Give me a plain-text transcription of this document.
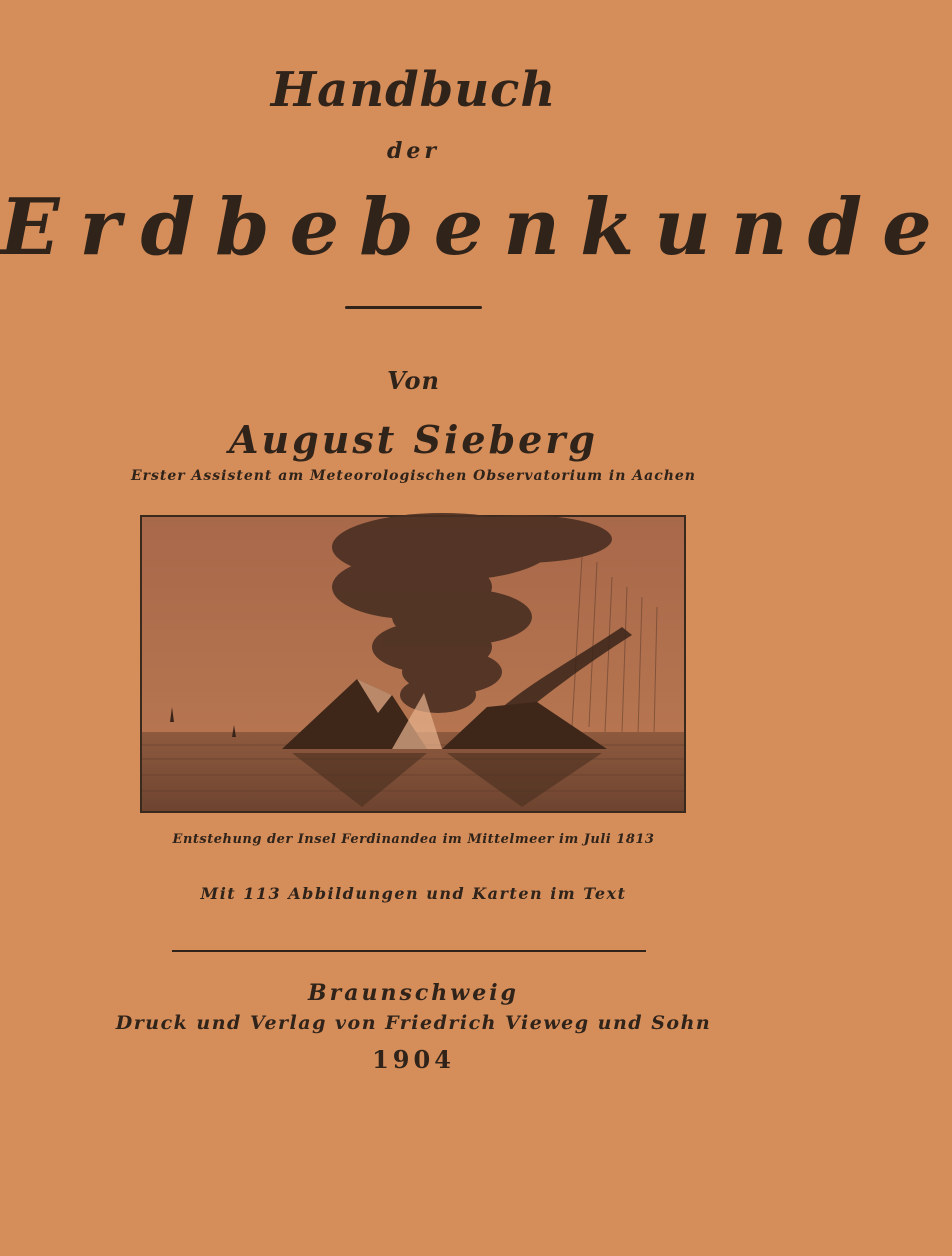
Handbuch
der
Erdbebenkunde
Von
August Sieberg
Erster Assistent am Meteorologischen Observatorium in Aachen
Entstehung der Insel Ferdinandea im Mittelmeer im Juli 1813
Mit 113 Abbildungen und Karten im Text
Braunschweig
Druck und Verlag von Friedrich Vieweg und Sohn
1904
